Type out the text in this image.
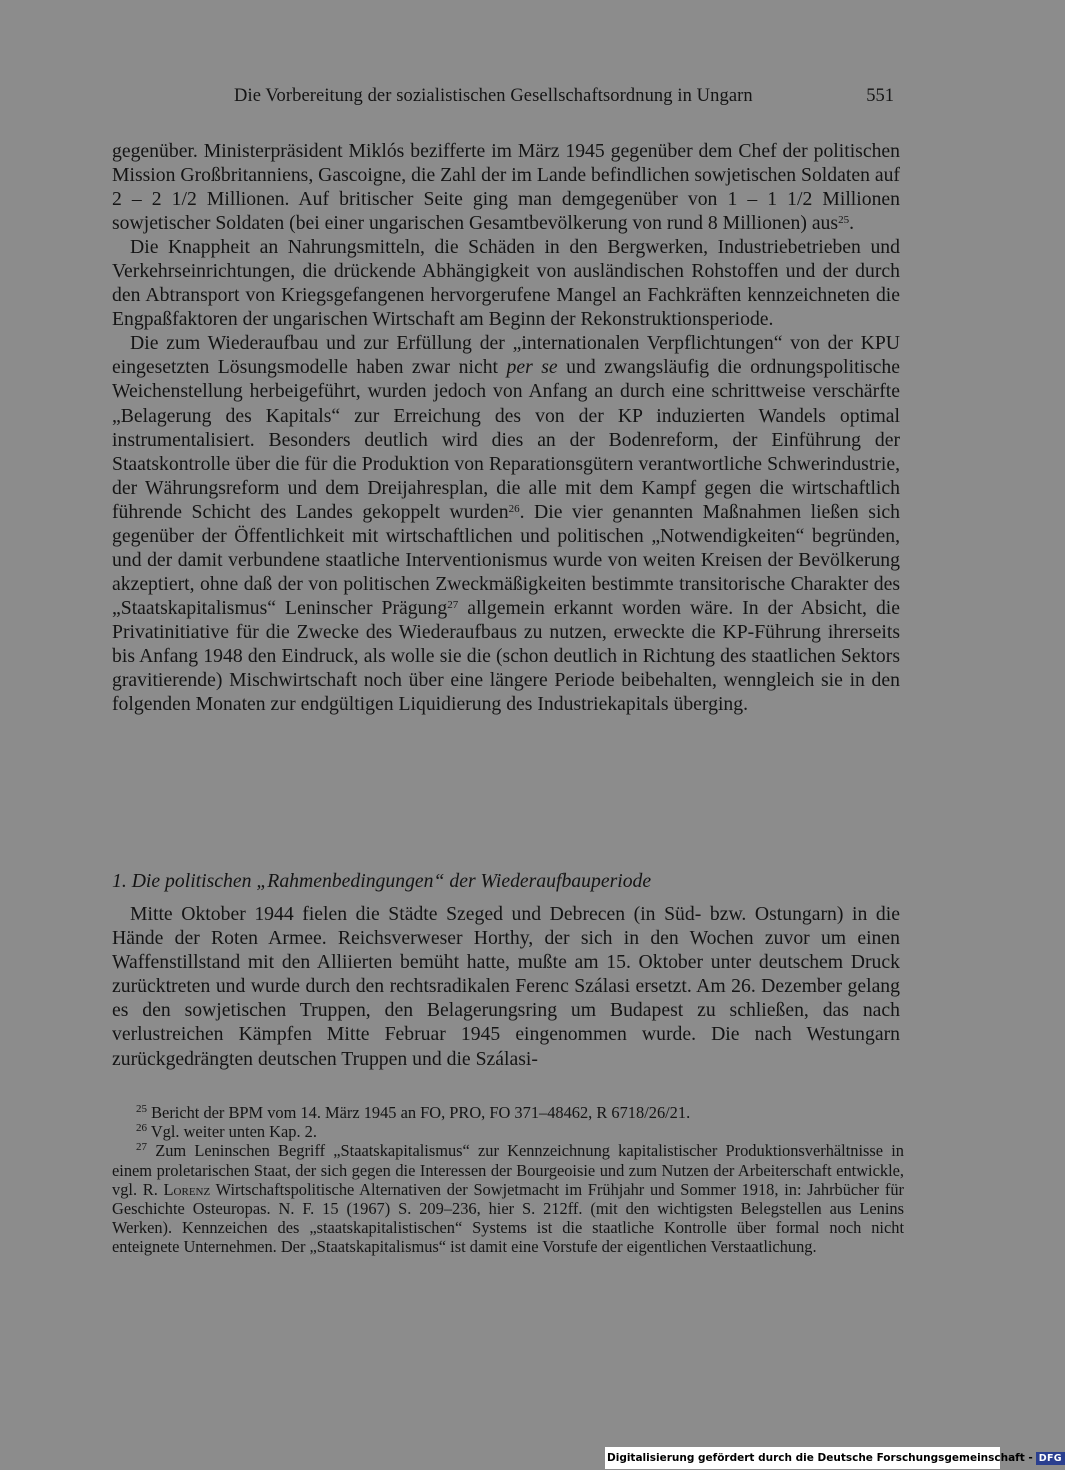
Die Vorbereitung der sozialistischen Gesellschaftsordnung in Ungarn	551

gegenüber. Ministerpräsident Miklós bezifferte im März 1945 gegenüber dem Chef der politischen Mission Großbritanniens, Gascoigne, die Zahl der im Lande befindlichen sowjetischen Soldaten auf 2 – 2 1/2 Millionen. Auf britischer Seite ging man demgegenüber von 1 – 1 1/2 Millionen sowjetischer Soldaten (bei einer ungarischen Gesamtbevölkerung von rund 8 Millionen) aus$^{25}$.

Die Knappheit an Nahrungsmitteln, die Schäden in den Bergwerken, Industriebetrieben und Verkehrseinrichtungen, die drückende Abhängigkeit von ausländischen Rohstoffen und der durch den Abtransport von Kriegsgefangenen hervorgerufene Mangel an Fachkräften kennzeichneten die Engpaßfaktoren der ungarischen Wirtschaft am Beginn der Rekonstruktionsperiode.

Die zum Wiederaufbau und zur Erfüllung der „internationalen Verpflichtungen“ von der KPU eingesetzten Lösungsmodelle haben zwar nicht per se und zwangsläufig die ordnungspolitische Weichenstellung herbeigeführt, wurden jedoch von Anfang an durch eine schrittweise verschärfte „Belagerung des Kapitals“ zur Erreichung des von der KP induzierten Wandels optimal instrumentalisiert. Besonders deutlich wird dies an der Bodenreform, der Einführung der Staatskontrolle über die für die Produktion von Reparationsgütern verantwortliche Schwerindustrie, der Währungsreform und dem Dreijahresplan, die alle mit dem Kampf gegen die wirtschaftlich führende Schicht des Landes gekoppelt wurden$^{26}$. Die vier genannten Maßnahmen ließen sich gegenüber der Öffentlichkeit mit wirtschaftlichen und politischen „Notwendigkeiten“ begründen, und der damit verbundene staatliche Interventionismus wurde von weiten Kreisen der Bevölkerung akzeptiert, ohne daß der von politischen Zweckmäßigkeiten bestimmte transitorische Charakter des „Staatskapitalismus“ Leninscher Prägung$^{27}$ allgemein erkannt worden wäre. In der Absicht, die Privatinitiative für die Zwecke des Wiederaufbaus zu nutzen, erweckte die KP-Führung ihrerseits bis Anfang 1948 den Eindruck, als wolle sie die (schon deutlich in Richtung des staatlichen Sektors gravitierende) Mischwirtschaft noch über eine längere Periode beibehalten, wenngleich sie in den folgenden Monaten zur endgültigen Liquidierung des Industriekapitals überging.

1. Die politischen „Rahmenbedingungen“ der Wiederaufbauperiode

Mitte Oktober 1944 fielen die Städte Szeged und Debrecen (in Süd- bzw. Ostungarn) in die Hände der Roten Armee. Reichsverweser Horthy, der sich in den Wochen zuvor um einen Waffenstillstand mit den Alliierten bemüht hatte, mußte am 15. Oktober unter deutschem Druck zurücktreten und wurde durch den rechtsradikalen Ferenc Szálasi ersetzt. Am 26. Dezember gelang es den sowjetischen Truppen, den Belagerungsring um Budapest zu schließen, das nach verlustreichen Kämpfen Mitte Februar 1945 eingenommen wurde. Die nach Westungarn zurückgedrängten deutschen Truppen und die Szálasi-

$^{25}$ Bericht der BPM vom 14. März 1945 an FO, PRO, FO 371–48462, R 6718/26/21.

$^{26}$ Vgl. weiter unten Kap. 2.

$^{27}$ Zum Leninschen Begriff „Staatskapitalismus“ zur Kennzeichnung kapitalistischer Produktionsverhältnisse in einem proletarischen Staat, der sich gegen die Interessen der Bourgeoisie und zum Nutzen der Arbeiterschaft entwickle, vgl. R. Lorenz Wirtschaftspolitische Alternativen der Sowjetmacht im Frühjahr und Sommer 1918, in: Jahrbücher für Geschichte Osteuropas. N. F. 15 (1967) S. 209–236, hier S. 212ff. (mit den wichtigsten Belegstellen aus Lenins Werken). Kennzeichen des „staatskapitalistischen“ Systems ist die staatliche Kontrolle über formal noch nicht enteignete Unternehmen. Der „Staatskapitalismus“ ist damit eine Vorstufe der eigentlichen Verstaatlichung.

Digitalisierung gefördert durch die Deutsche Forschungsgemeinschaft - DFG
